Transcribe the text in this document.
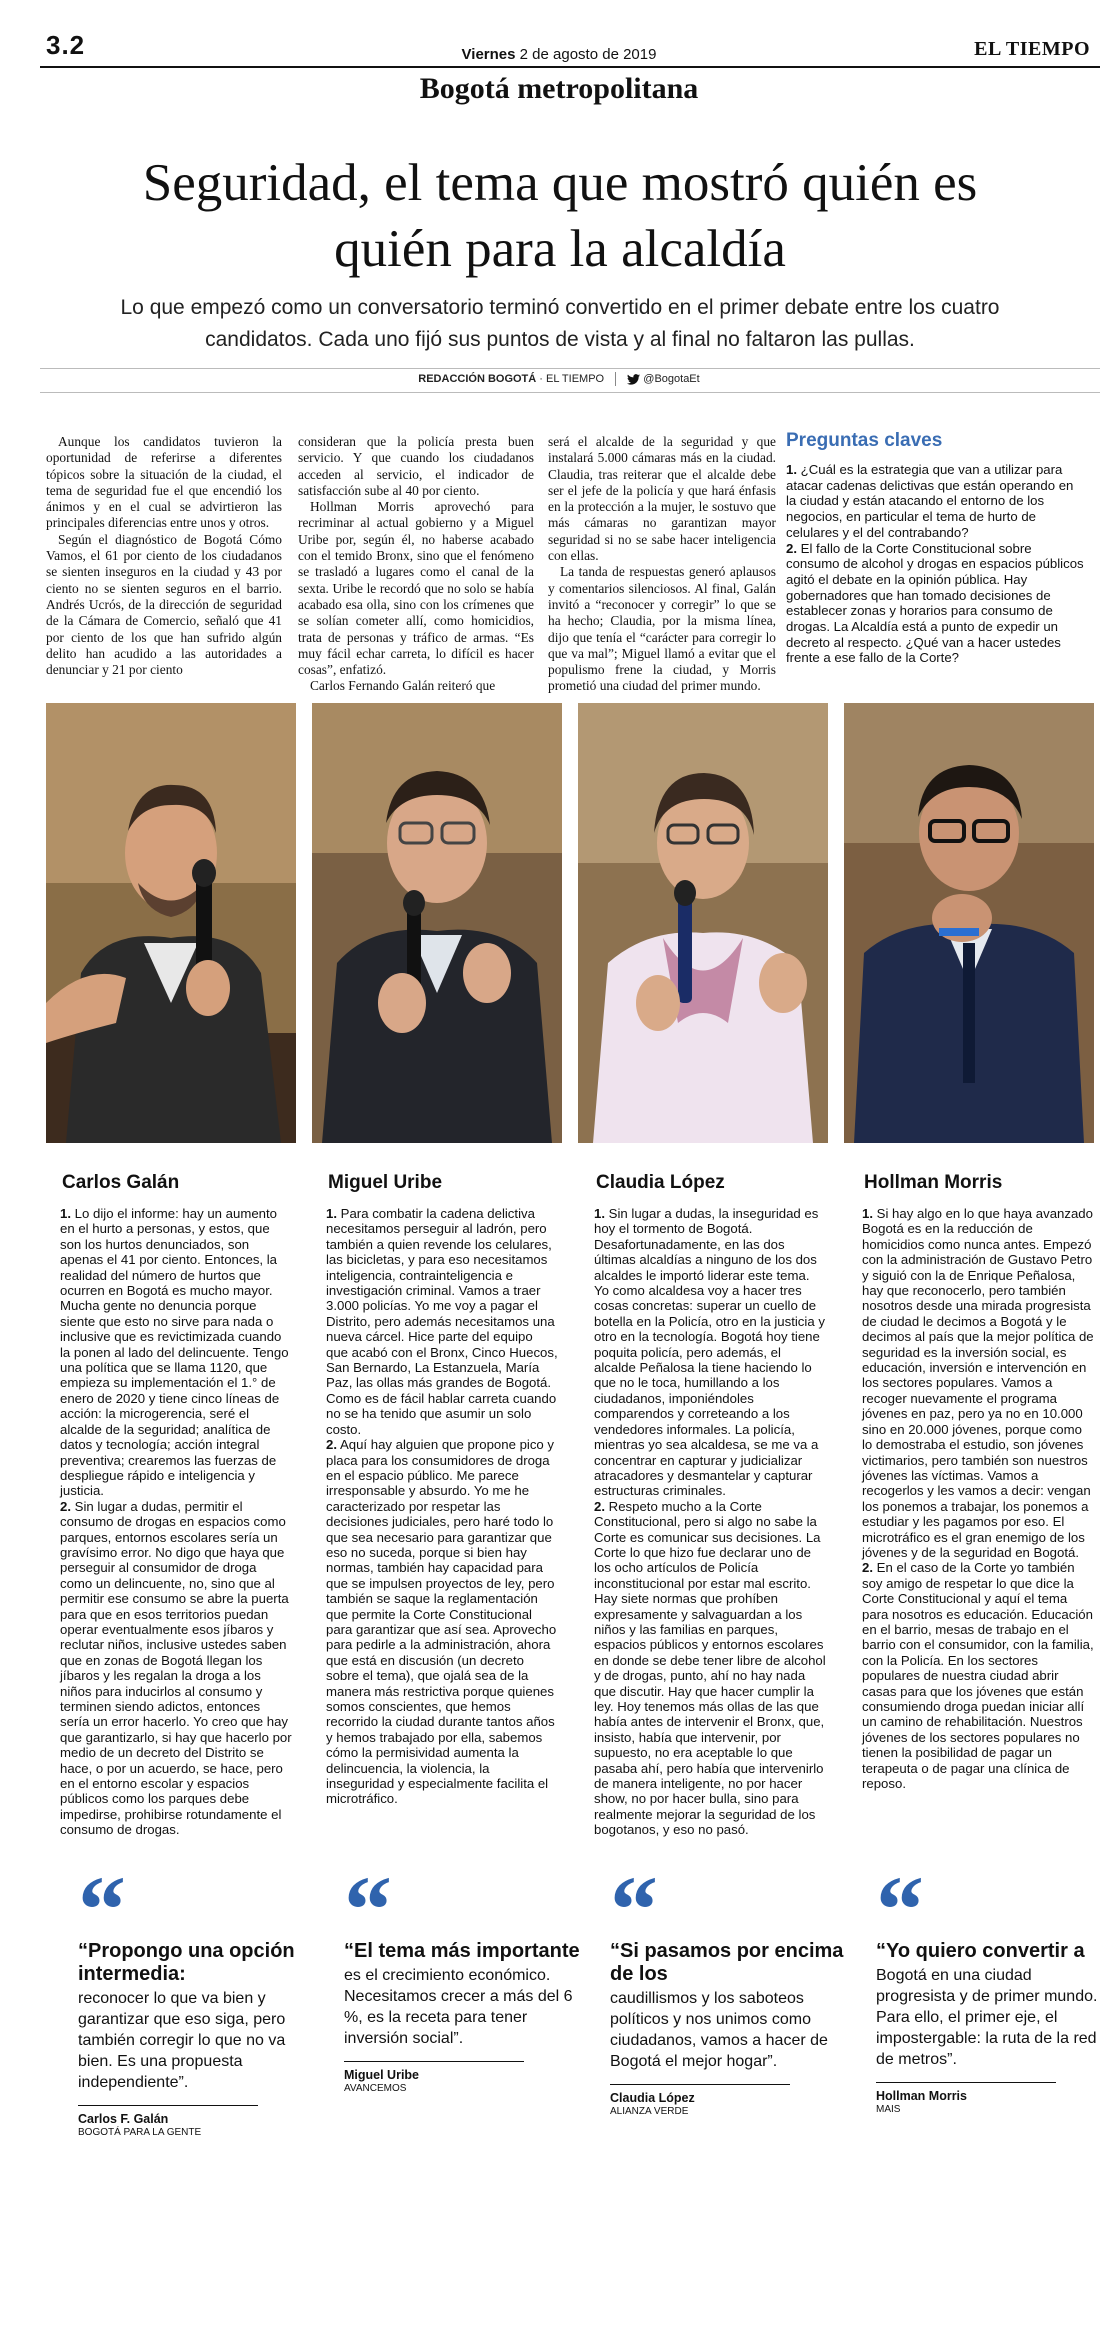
3.2	Viernes 2 de agosto de 2019	EL TIEMPO
Bogotá metropolitana
Seguridad, el tema que mostró quién es quién para la alcaldía
Lo que empezó como un conversatorio terminó convertido en el primer debate entre los cuatro candidatos. Cada uno fijó sus puntos de vista y al final no faltaron las pullas.
REDACCIÓN BOGOTÁ · EL TIEMPO	@BogotaEt

Aunque los candidatos tuvieron la oportunidad de referirse a diferentes tópicos sobre la situación de la ciudad, el tema de seguridad fue el que encendió los ánimos y en el cual se advirtieron las principales diferencias entre unos y otros.

Según el diagnóstico de Bogotá Cómo Vamos, el 61 por ciento de los ciudadanos se sienten inseguros en la ciudad y 43 por ciento no se sienten seguros en el barrio. Andrés Ucrós, de la dirección de seguridad de la Cámara de Comercio, señaló que 41 por ciento de los que han sufrido algún delito han acudido a las autoridades a denunciar y 21 por ciento

consideran que la policía presta buen servicio. Y que cuando los ciudadanos acceden al servicio, el indicador de satisfacción sube al 40 por ciento.

Hollman Morris aprovechó para recriminar al actual gobierno y a Miguel Uribe por, según él, no haberse acabado con el temido Bronx, sino que el fenómeno se trasladó a lugares como el canal de la sexta. Uribe le recordó que no solo se había acabado esa olla, sino con los crímenes que se solían cometer allí, como homicidios, trata de personas y tráfico de armas. “Es muy fácil echar carreta, lo difícil es hacer cosas”, enfatizó.

Carlos Fernando Galán reiteró que

será el alcalde de la seguridad y que instalará 5.000 cámaras más en la ciudad. Claudia, tras reiterar que el alcalde debe ser el jefe de la policía y que hará énfasis en la protección a la mujer, le sostuvo que más cámaras no garantizan mayor seguridad si no se sabe hacer inteligencia con ellas.

La tanda de respuestas generó aplausos y comentarios silenciosos. Al final, Galán invitó a “reconocer y corregir” lo que se ha hecho; Claudia, por la misma línea, dijo que tenía el “carácter para corregir lo que va mal”; Miguel llamó a evitar que el populismo frene la ciudad, y Morris prometió una ciudad del primer mundo.

Preguntas claves
1. ¿Cuál es la estrategia que van a utilizar para atacar cadenas delictivas que están operando en la ciudad y están atacando el entorno de los negocios, en particular el tema de hurto de celulares y el del contrabando?
2. El fallo de la Corte Constitucional sobre consumo de alcohol y drogas en espacios públicos agitó el debate en la opinión pública. Hay gobernadores que han tomado decisiones de establecer zonas y horarios para consumo de drogas. La Alcaldía está a punto de expedir un decreto al respecto. ¿Qué van a hacer ustedes frente a ese fallo de la Corte?
Carlos Galán

1. Lo dijo el informe: hay un aumento en el hurto a personas, y estos, que son los hurtos denunciados, son apenas el 41 por ciento. Entonces, la realidad del número de hurtos que ocurren en Bogotá es mucho mayor. Mucha gente no denuncia porque siente que esto no sirve para nada o inclusive que es revictimizada cuando la ponen al lado del delincuente. Tengo una política que se llama 1120, que empieza su implementación el 1.° de enero de 2020 y tiene cinco líneas de acción: la microgerencia, seré el alcalde de la seguridad; analítica de datos y tecnología; acción integral preventiva; crearemos las fuerzas de despliegue rápido e inteligencia y justicia.

2. Sin lugar a dudas, permitir el consumo de drogas en espacios como parques, entornos escolares sería un gravísimo error. No digo que haya que perseguir al consumidor de droga como un delincuente, no, sino que al permitir ese consumo se abre la puerta para que en esos territorios puedan operar eventualmente esos jíbaros y reclutar niños, inclusive ustedes saben que en zonas de Bogotá llegan los jíbaros y les regalan la droga a los niños para inducirlos al consumo y terminen siendo adictos, entonces sería un error hacerlo. Yo creo que hay que garantizarlo, si hay que hacerlo por medio de un decreto del Distrito se hace, o por un acuerdo, se hace, pero en el entorno escolar y espacios públicos como los parques debe impedirse, prohibirse rotundamente el consumo de drogas.

Miguel Uribe

1. Para combatir la cadena delictiva necesitamos perseguir al ladrón, pero también a quien revende los celulares, las bicicletas, y para eso necesitamos inteligencia, contrainteligencia e investigación criminal. Vamos a traer 3.000 policías. Yo me voy a pagar el Distrito, pero además necesitamos una nueva cárcel. Hice parte del equipo que acabó con el Bronx, Cinco Huecos, San Bernardo, La Estanzuela, María Paz, las ollas más grandes de Bogotá. Como es de fácil hablar carreta cuando no se ha tenido que asumir un solo costo.

2. Aquí hay alguien que propone pico y placa para los consumidores de droga en el espacio público. Me parece irresponsable y absurdo. Yo me he caracterizado por respetar las decisiones judiciales, pero haré todo lo que sea necesario para garantizar que eso no suceda, porque si bien hay normas, también hay capacidad para que se impulsen proyectos de ley, pero también se saque la reglamentación que permite la Corte Constitucional para garantizar que así sea. Aprovecho para pedirle a la administración, ahora que está en discusión (un decreto sobre el tema), que ojalá sea de la manera más restrictiva porque quienes somos conscientes, que hemos recorrido la ciudad durante tantos años y hemos trabajado por ella, sabemos cómo la permisividad aumenta la delincuencia, la violencia, la inseguridad y especialmente facilita el microtráfico.

Claudia López

1. Sin lugar a dudas, la inseguridad es hoy el tormento de Bogotá. Desafortunadamente, en las dos últimas alcaldías a ninguno de los dos alcaldes le importó liderar este tema. Yo como alcaldesa voy a hacer tres cosas concretas: superar un cuello de botella en la Policía, otro en la justicia y otro en la tecnología. Bogotá hoy tiene poquita policía, pero además, el alcalde Peñalosa la tiene haciendo lo que no le toca, humillando a los ciudadanos, imponiéndoles comparendos y correteando a los vendedores informales. La policía, mientras yo sea alcaldesa, se me va a concentrar en capturar y judicializar atracadores y desmantelar y capturar estructuras criminales.

2. Respeto mucho a la Corte Constitucional, pero si algo no sabe la Corte es comunicar sus decisiones. La Corte lo que hizo fue declarar uno de los ocho artículos de Policía inconstitucional por estar mal escrito. Hay siete normas que prohíben expresamente y salvaguardan a los niños y las familias en parques, espacios públicos y entornos escolares en donde se debe tener libre de alcohol y de drogas, punto, ahí no hay nada que discutir. Hay que hacer cumplir la ley. Hoy tenemos más ollas de las que había antes de intervenir el Bronx, que, insisto, había que intervenir, por supuesto, no era aceptable lo que pasaba ahí, pero había que intervenirlo de manera inteligente, no por hacer show, no por hacer bulla, sino para realmente mejorar la seguridad de los bogotanos, y eso no pasó.

Hollman Morris

1. Si hay algo en lo que haya avanzado Bogotá es en la reducción de homicidios como nunca antes. Empezó con la administración de Gustavo Petro y siguió con la de Enrique Peñalosa, hay que reconocerlo, pero también nosotros desde una mirada progresista de ciudad le decimos a Bogotá y le decimos al país que la mejor política de seguridad es la inversión social, es educación, inversión e intervención en los sectores populares. Vamos a recoger nuevamente el programa jóvenes en paz, pero ya no en 10.000 sino en 20.000 jóvenes, porque como lo demostraba el estudio, son jóvenes victimarios, pero también son nuestros jóvenes las víctimas. Vamos a recogerlos y les vamos a decir: vengan los ponemos a trabajar, los ponemos a estudiar y les pagamos por eso. El microtráfico es el gran enemigo de los jóvenes y de la seguridad en Bogotá.

2. En el caso de la Corte yo también soy amigo de respetar lo que dice la Corte Constitucional y aquí el tema para nosotros es educación. Educación en el barrio, mesas de trabajo en el barrio con el consumidor, con la familia, con la Policía. En los sectores populares de nuestra ciudad abrir casas para que los jóvenes que están consumiendo droga puedan iniciar allí un camino de rehabilitación. Nuestros jóvenes de los sectores populares no tienen la posibilidad de pagar un terapeuta o de pagar una clínica de reposo.

“
“Propongo una opción intermedia:
reconocer lo que va bien y garantizar que eso siga, pero también corregir lo que no va bien. Es una propuesta independiente”.
Carlos F. Galán
BOGOTÁ PARA LA GENTE
“
“El tema más importante
es el crecimiento económico. Necesitamos crecer a más del 6 %, es la receta para tener inversión social”.
Miguel Uribe
AVANCEMOS
“
“Si pasamos por encima de los
caudillismos y los saboteos políticos y nos unimos como ciudadanos, vamos a hacer de Bogotá el mejor hogar”.
Claudia López
ALIANZA VERDE
“
“Yo quiero convertir a
Bogotá en una ciudad progresista y de primer mundo. Para ello, el primer eje, el impostergable: la ruta de la red de metros”.
Hollman Morris
MAIS
